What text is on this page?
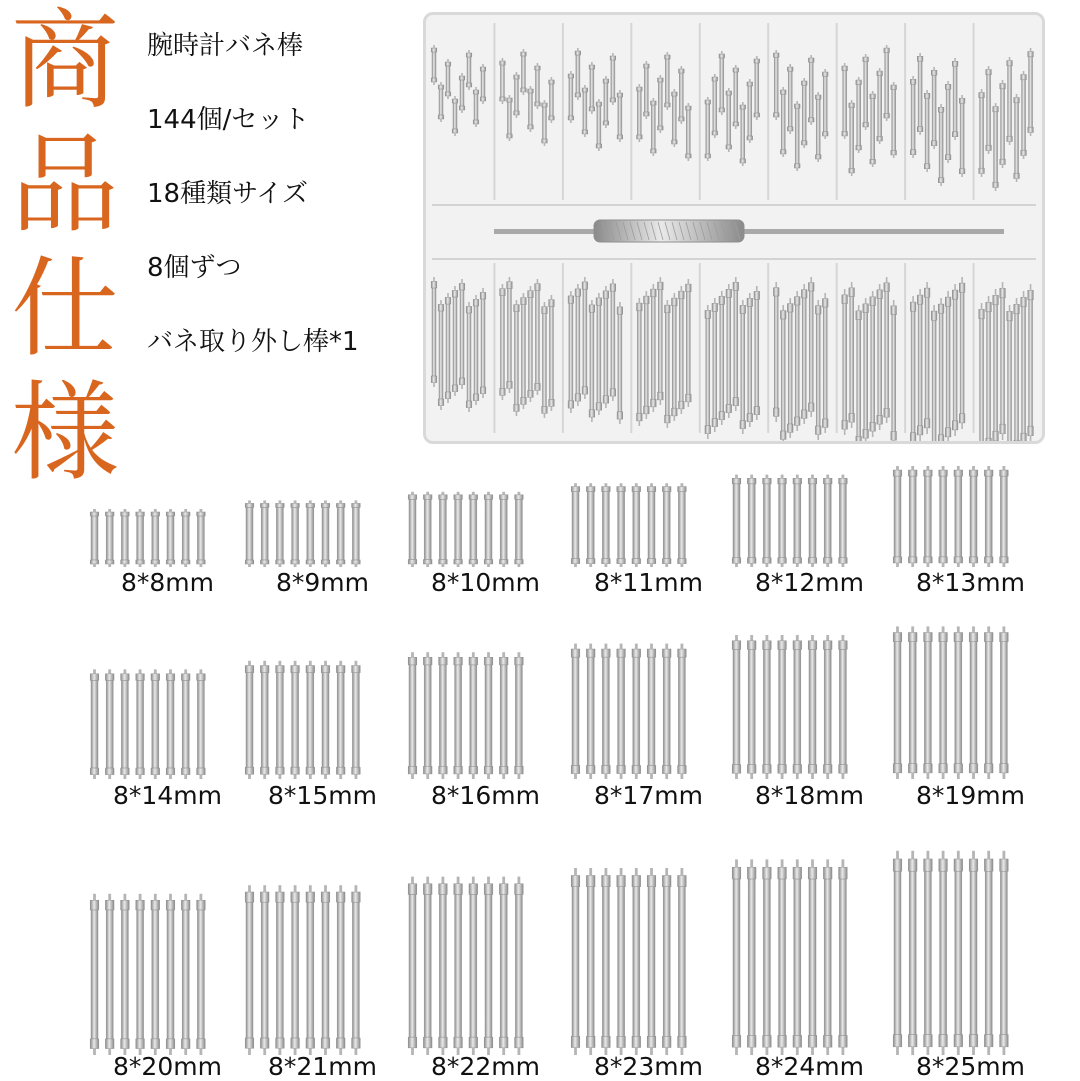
商
品
仕
様
腕時計バネ棒
144個/セット
18種類サイズ
8個ずつ
バネ取り外し棒*1
8*8mm	8*9mm	8*10mm	8*11mm	8*12mm	8*13mm
8*14mm	8*15mm	8*16mm	8*17mm	8*18mm	8*19mm
8*20mm	8*21mm	8*22mm	8*23mm	8*24mm	8*25mm
